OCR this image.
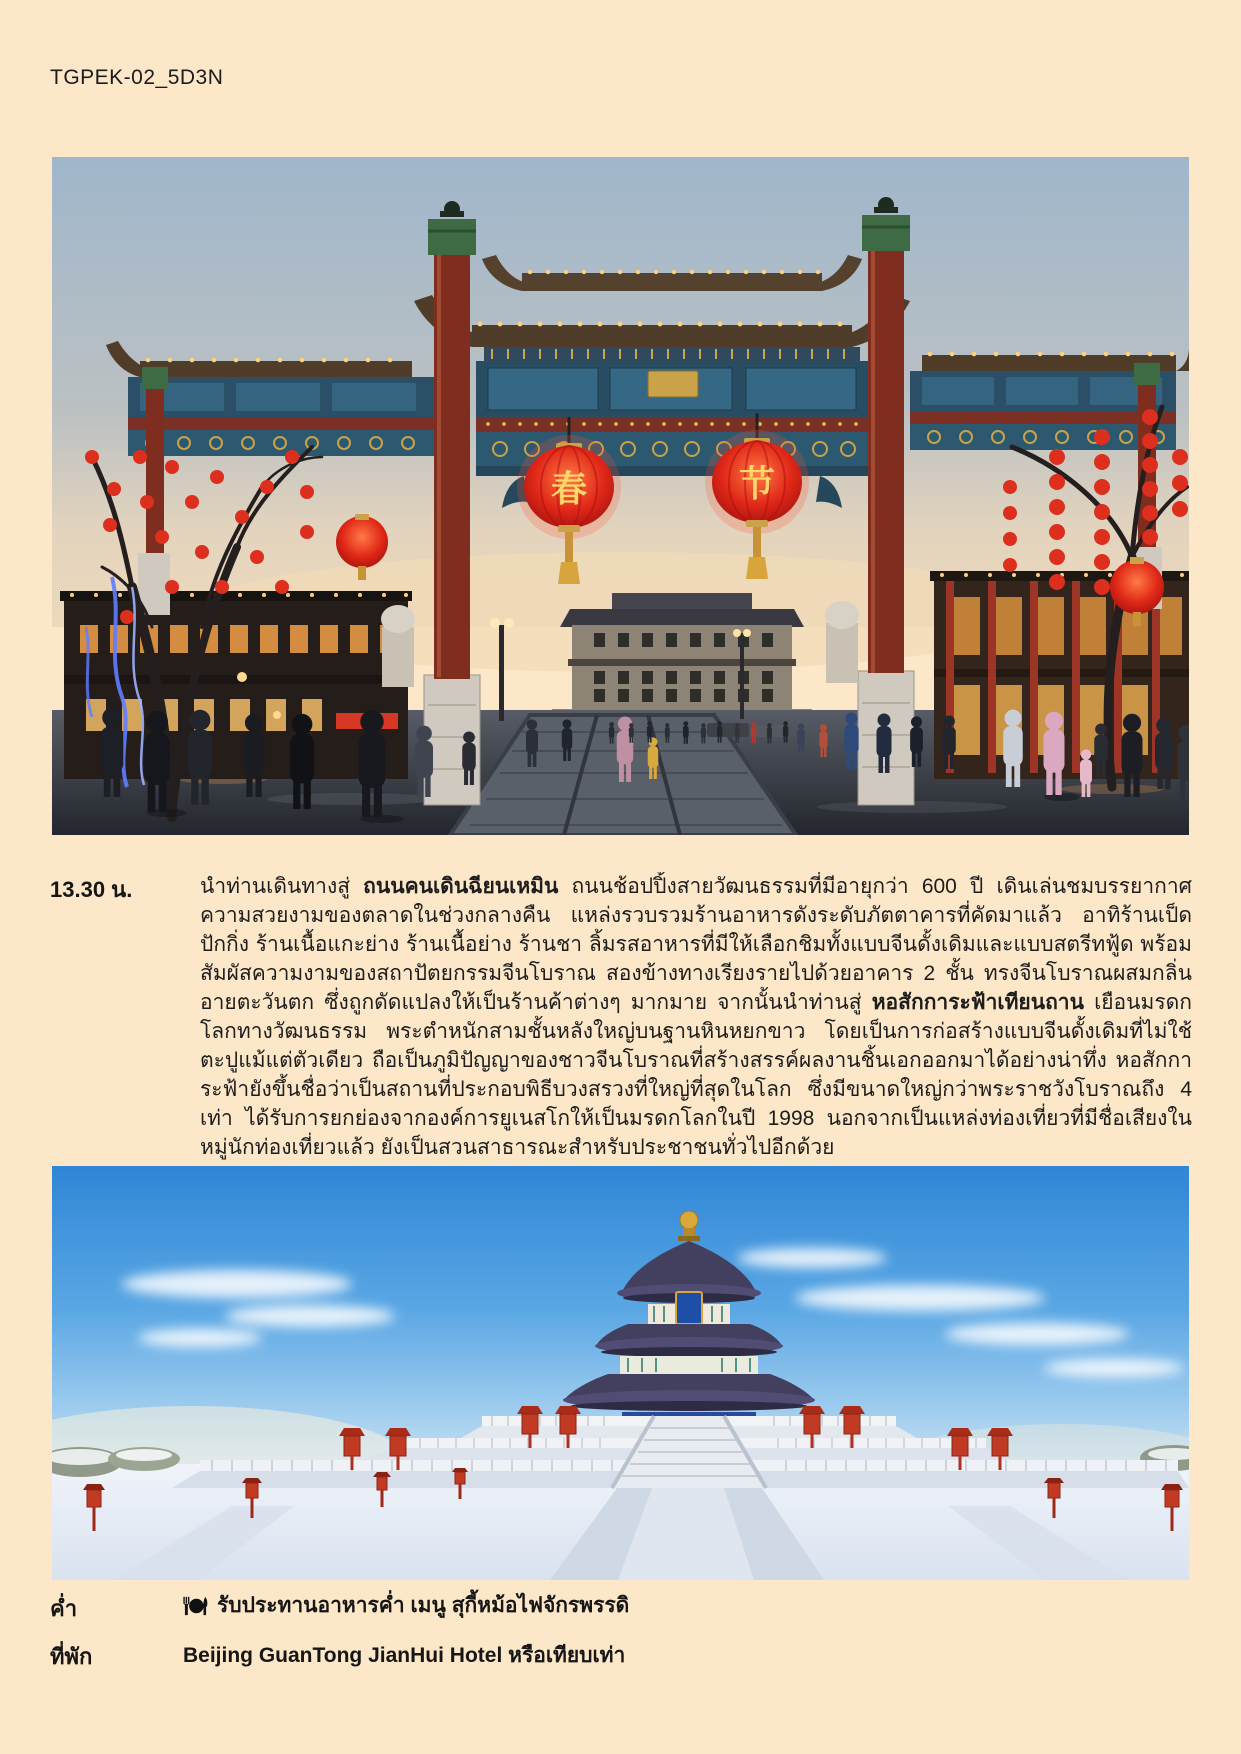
TGPEK-02_5D3N
春	节
13.30 น.	นำท่านเดินทางสู่ ถนนคนเดินฉียนเหมิน ถนนช้อปปิ้งสายวัฒนธรรมที่มีอายุกว่า 600 ปี เดินเล่นชมบรรยากาศความสวยงามของตลาดในช่วงกลางคืน แหล่งรวบรวมร้านอาหารดังระดับภัตตาคารที่คัดมาแล้ว อาทิร้านเป็ดปักกิ่ง ร้านเนื้อแกะย่าง ร้านเนื้อย่าง ร้านชา ลิ้มรสอาหารที่มีให้เลือกชิมทั้งแบบจีนดั้งเดิมและแบบสตรีทฟู้ด พร้อมสัมผัสความงามของสถาปัตยกรรมจีนโบราณ สองข้างทางเรียงรายไปด้วยอาคาร 2 ชั้น ทรงจีนโบราณผสมกลิ่นอายตะวันตก ซึ่งถูกดัดแปลงให้เป็นร้านค้าต่างๆ มากมาย จากนั้นนำท่านสู่ หอสักการะฟ้าเทียนถาน เยือนมรดกโลกทางวัฒนธรรม พระตำหนักสามชั้นหลังใหญ่บนฐานหินหยกขาว โดยเป็นการก่อสร้างแบบจีนดั้งเดิมที่ไม่ใช้ตะปูแม้แต่ตัวเดียว ถือเป็นภูมิปัญญาของชาวจีนโบราณที่สร้างสรรค์ผลงานชิ้นเอกออกมาได้อย่างน่าทึ่ง หอสักการะฟ้ายังขึ้นชื่อว่าเป็นสถานที่ประกอบพิธีบวงสรวงที่ใหญ่ที่สุดในโลก ซึ่งมีขนาดใหญ่กว่าพระราชวังโบราณถึง 4 เท่า ได้รับการยกย่องจากองค์การยูเนสโกให้เป็นมรดกโลกในปี 1998 นอกจากเป็นแหล่งท่องเที่ยวที่มีชื่อเสียงในหมู่นักท่องเที่ยวแล้ว ยังเป็นสวนสาธารณะสำหรับประชาชนทั่วไปอีกด้วย
ค่ำ	รับประทานอาหารค่ำ เมนู สุกี้หม้อไฟจักรพรรดิ
ที่พัก	Beijing GuanTong JianHui Hotel หรือเทียบเท่า
